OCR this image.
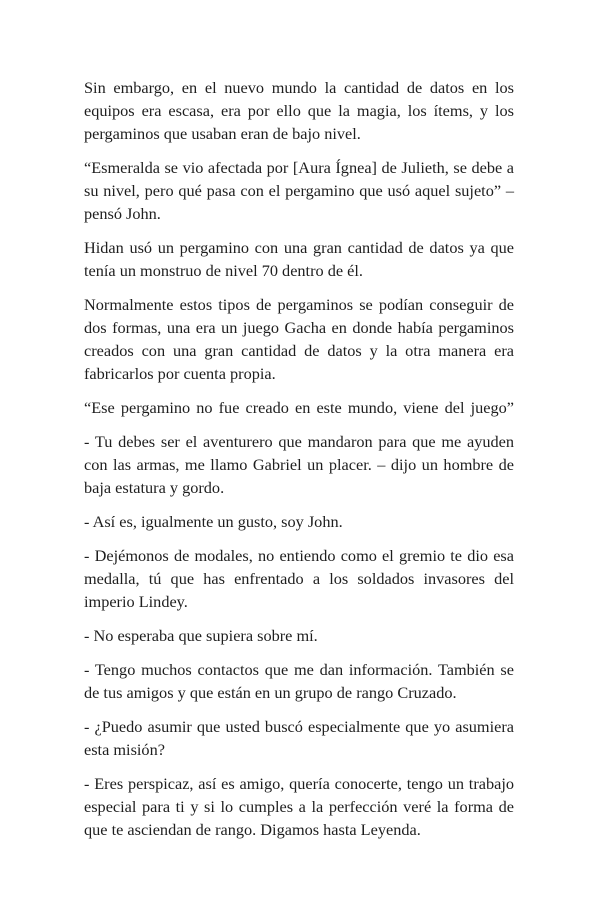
Sin embargo, en el nuevo mundo la cantidad de datos en los equipos era escasa, era por ello que la magia, los ítems, y los pergaminos que usaban eran de bajo nivel.

“Esmeralda se vio afectada por [Aura Ígnea] de Julieth, se debe a su nivel, pero qué pasa con el pergamino que usó aquel sujeto” – pensó John.

Hidan usó un pergamino con una gran cantidad de datos ya que tenía un monstruo de nivel 70 dentro de él.

Normalmente estos tipos de pergaminos se podían conseguir de dos formas, una era un juego Gacha en donde había pergaminos creados con una gran cantidad de datos y la otra manera era fabricarlos por cuenta propia.

“Ese pergamino no fue creado en este mundo, viene del juego”

- Tu debes ser el aventurero que mandaron para que me ayuden con las armas, me llamo Gabriel un placer. – dijo un hombre de baja estatura y gordo.

- Así es, igualmente un gusto, soy John.

- Dejémonos de modales, no entiendo como el gremio te dio esa medalla, tú que has enfrentado a los soldados invasores del imperio Lindey.

- No esperaba que supiera sobre mí.

- Tengo muchos contactos que me dan información. También se de tus amigos y que están en un grupo de rango Cruzado.

- ¿Puedo asumir que usted buscó especialmente que yo asumiera esta misión?

- Eres perspicaz, así es amigo, quería conocerte, tengo un trabajo especial para ti y si lo cumples a la perfección veré la forma de que te asciendan de rango. Digamos hasta Leyenda.
